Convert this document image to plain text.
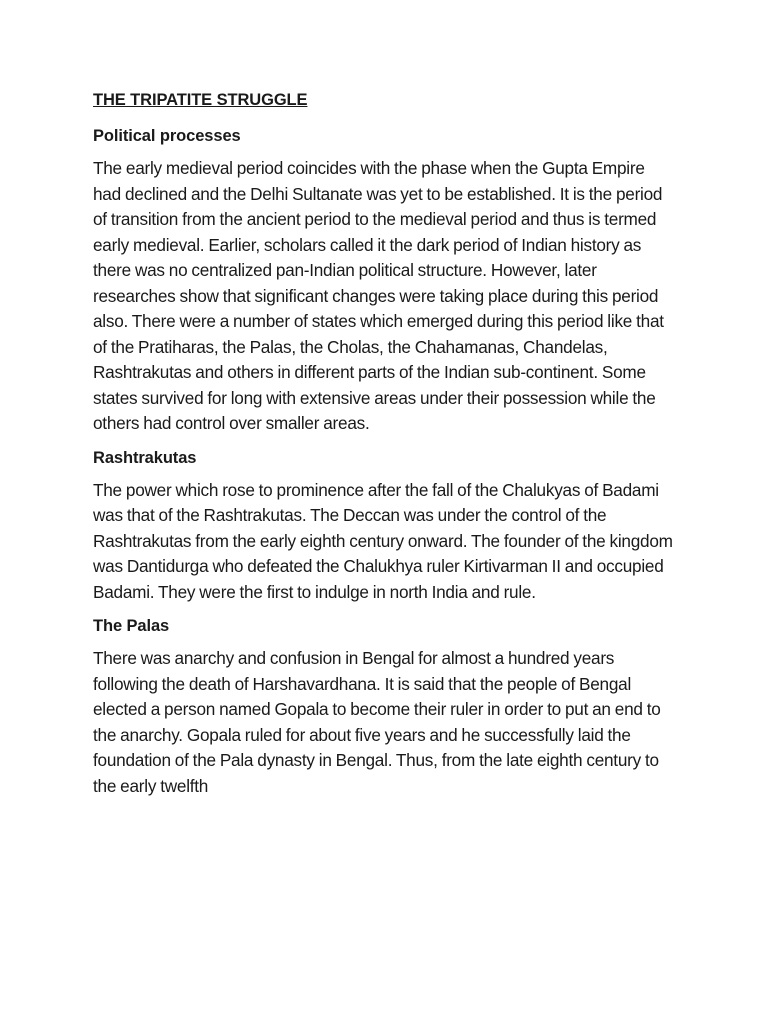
THE TRIPATITE STRUGGLE
Political processes

The early medieval period coincides with the phase when the Gupta Empire had declined and the Delhi Sultanate was yet to be established. It is the period of transition from the ancient period to the medieval period and thus is termed early medieval. Earlier, scholars called it the dark period of Indian history as there was no centralized pan-Indian political structure. However, later researches show that significant changes were taking place during this period also. There were a number of states which emerged during this period like that of the Pratiharas, the Palas, the Cholas, the Chahamanas, Chandelas, Rashtrakutas and others in different parts of the Indian sub-continent. Some states survived for long with extensive areas under their possession while the others had control over smaller areas.

Rashtrakutas

The power which rose to prominence after the fall of the Chalukyas of Badami was that of the Rashtrakutas. The Deccan was under the control of the Rashtrakutas from the early eighth century onward. The founder of the kingdom was Dantidurga who defeated the Chalukhya ruler Kirtivarman II and occupied Badami. They were the first to indulge in north India and rule.

The Palas

There was anarchy and confusion in Bengal for almost a hundred years following the death of Harshavardhana. It is said that the people of Bengal elected a person named Gopala to become their ruler in order to put an end to the anarchy. Gopala ruled for about five years and he successfully laid the foundation of the Pala dynasty in Bengal. Thus, from the late eighth century to the early twelfth
